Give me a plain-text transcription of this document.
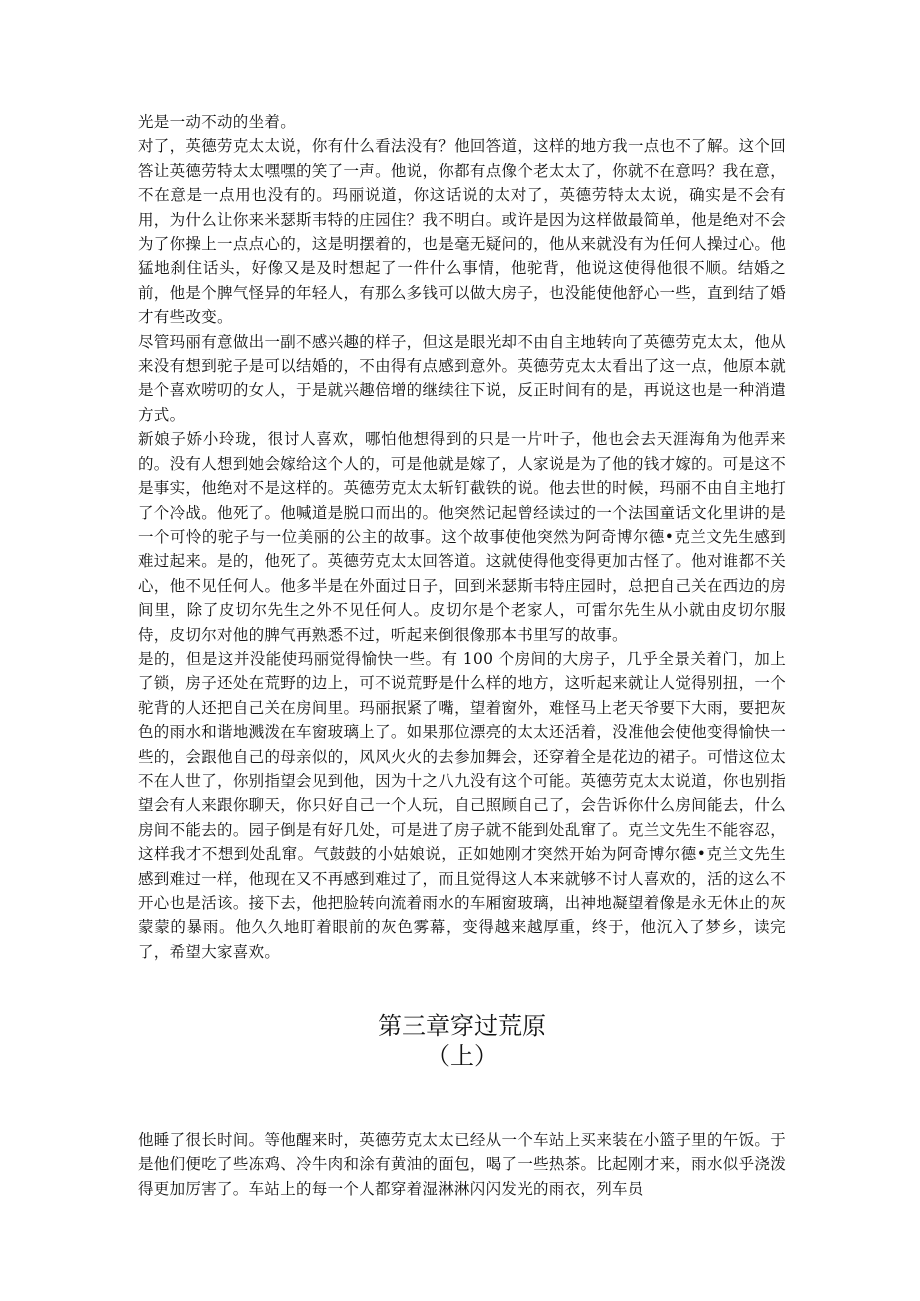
光是一动不动的坐着。

对了，英德劳克太太说，你有什么看法没有？他回答道，这样的地方我一点也不了解。这个回答让英德劳特太太嘿嘿的笑了一声。他说，你都有点像个老太太了，你就不在意吗？我在意，不在意是一点用也没有的。玛丽说道，你这话说的太对了，英德劳特太太说，确实是不会有用，为什么让你来米瑟斯韦特的庄园住？我不明白。或许是因为这样做最简单，他是绝对不会为了你操上一点点心的，这是明摆着的，也是毫无疑问的，他从来就没有为任何人操过心。他猛地刹住话头，好像又是及时想起了一件什么事情，他驼背，他说这使得他很不顺。结婚之前，他是个脾气怪异的年轻人，有那么多钱可以做大房子，也没能使他舒心一些，直到结了婚才有些改变。

尽管玛丽有意做出一副不感兴趣的样子，但这是眼光却不由自主地转向了英德劳克太太，他从来没有想到驼子是可以结婚的，不由得有点感到意外。英德劳克太太看出了这一点，他原本就是个喜欢唠叨的女人，于是就兴趣倍增的继续往下说，反正时间有的是，再说这也是一种消遣方式。

新娘子娇小玲珑，很讨人喜欢，哪怕他想得到的只是一片叶子，他也会去天涯海角为他弄来的。没有人想到她会嫁给这个人的，可是他就是嫁了，人家说是为了他的钱才嫁的。可是这不是事实，他绝对不是这样的。英德劳克太太斩钉截铁的说。他去世的时候，玛丽不由自主地打了个冷战。他死了。他喊道是脱口而出的。他突然记起曾经读过的一个法国童话文化里讲的是一个可怜的驼子与一位美丽的公主的故事。这个故事使他突然为阿奇博尔德•克兰文先生感到难过起来。是的，他死了。英德劳克太太回答道。这就使得他变得更加古怪了。他对谁都不关心，他不见任何人。他多半是在外面过日子，回到米瑟斯韦特庄园时，总把自己关在西边的房间里，除了皮切尔先生之外不见任何人。皮切尔是个老家人，可雷尔先生从小就由皮切尔服侍，皮切尔对他的脾气再熟悉不过，听起来倒很像那本书里写的故事。

是的，但是这并没能使玛丽觉得愉快一些。有 100 个房间的大房子，几乎全景关着门，加上了锁，房子还处在荒野的边上，可不说荒野是什么样的地方，这听起来就让人觉得别扭，一个驼背的人还把自己关在房间里。玛丽抿紧了嘴，望着窗外，难怪马上老天爷要下大雨，要把灰色的雨水和谐地溅泼在车窗玻璃上了。如果那位漂亮的太太还活着，没准他会使他变得愉快一些的，会跟他自己的母亲似的，风风火火的去参加舞会，还穿着全是花边的裙子。可惜这位太不在人世了，你别指望会见到他，因为十之八九没有这个可能。英德劳克太太说道，你也别指望会有人来跟你聊天，你只好自己一个人玩，自己照顾自己了，会告诉你什么房间能去，什么房间不能去的。园子倒是有好几处，可是进了房子就不能到处乱窜了。克兰文先生不能容忍，这样我才不想到处乱窜。气鼓鼓的小姑娘说，正如她刚才突然开始为阿奇博尔德•克兰文先生感到难过一样，他现在又不再感到难过了，而且觉得这人本来就够不讨人喜欢的，活的这么不开心也是活该。接下去，他把脸转向流着雨水的车厢窗玻璃，出神地凝望着像是永无休止的灰蒙蒙的暴雨。他久久地盯着眼前的灰色雾幕，变得越来越厚重，终于，他沉入了梦乡，读完了，希望大家喜欢。

第三章穿过荒原
（上）

他睡了很长时间。等他醒来时，英德劳克太太已经从一个车站上买来装在小篮子里的午饭。于是他们便吃了些冻鸡、冷牛肉和涂有黄油的面包，喝了一些热茶。比起刚才来，雨水似乎浇泼得更加厉害了。车站上的每一个人都穿着湿淋淋闪闪发光的雨衣，列车员
